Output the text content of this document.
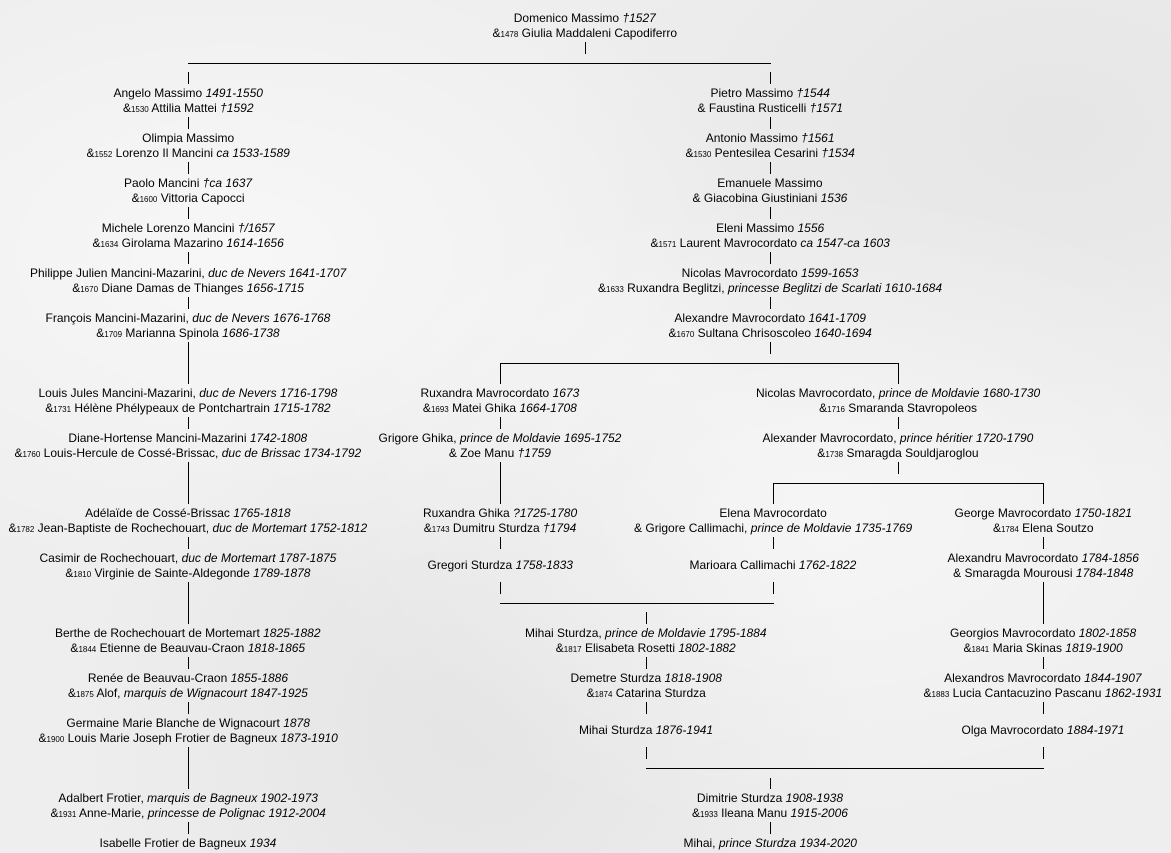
Domenico Massimo †1527
&1478 Giulia Maddaleni Capodiferro
Angelo Massimo 1491-1550
&1530 Attilia Mattei †1592
Olimpia Massimo
&1552 Lorenzo Il Mancini ca 1533-1589
Paolo Mancini †ca 1637
&1600 Vittoria Capocci
Michele Lorenzo Mancini †/1657
&1634 Girolama Mazarino 1614-1656
Philippe Julien Mancini-Mazarini, duc de Nevers 1641-1707
&1670 Diane Damas de Thianges 1656-1715
François Mancini-Mazarini, duc de Nevers 1676-1768
&1709 Marianna Spinola 1686-1738
Louis Jules Mancini-Mazarini, duc de Nevers 1716-1798
&1731 Hélène Phélypeaux de Pontchartrain 1715-1782
Diane-Hortense Mancini-Mazarini 1742-1808
&1760 Louis-Hercule de Cossé-Brissac, duc de Brissac 1734-1792
Adélaïde de Cossé-Brissac 1765-1818
&1782 Jean-Baptiste de Rochechouart, duc de Mortemart 1752-1812
Casimir de Rochechouart, duc de Mortemart 1787-1875
&1810 Virginie de Sainte-Aldegonde 1789-1878
Berthe de Rochechouart de Mortemart 1825-1882
&1844 Etienne de Beauvau-Craon 1818-1865
Renée de Beauvau-Craon 1855-1886
&1875 Alof, marquis de Wignacourt 1847-1925
Germaine Marie Blanche de Wignacourt 1878
&1900 Louis Marie Joseph Frotier de Bagneux 1873-1910
Adalbert Frotier, marquis de Bagneux 1902-1973
&1931 Anne-Marie, princesse de Polignac 1912-2004
Isabelle Frotier de Bagneux 1934
Pietro Massimo †1544
& Faustina Rusticelli †1571
Antonio Massimo †1561
&1530 Pentesilea Cesarini †1534
Emanuele Massimo
& Giacobina Giustiniani 1536
Eleni Massimo 1556
&1571 Laurent Mavrocordato ca 1547-ca 1603
Nicolas Mavrocordato 1599-1653
&1633 Ruxandra Beglitzi, princesse Beglitzi de Scarlati 1610-1684
Alexandre Mavrocordato 1641-1709
&1670 Sultana Chrisoscoleo 1640-1694
Ruxandra Mavrocordato 1673
&1693 Matei Ghika 1664-1708
Grigore Ghika, prince de Moldavie 1695-1752
& Zoe Manu †1759
Ruxandra Ghika ?1725-1780
&1743 Dumitru Sturdza †1794
Gregori Sturdza 1758-1833
Nicolas Mavrocordato, prince de Moldavie 1680-1730
&1716 Smaranda Stavropoleos
Alexander Mavrocordato, prince héritier 1720-1790
&1738 Smaragda Souldjaroglou
Elena Mavrocordato
& Grigore Callimachi, prince de Moldavie 1735-1769
Marioara Callimachi 1762-1822
George Mavrocordato 1750-1821
&1784 Elena Soutzo
Alexandru Mavrocordato 1784-1856
& Smaragda Mourousi 1784-1848
Mihai Sturdza, prince de Moldavie 1795-1884
&1817 Elisabeta Rosetti 1802-1882
Demetre Sturdza 1818-1908
&1874 Catarina Sturdza
Mihai Sturdza 1876-1941
Georgios Mavrocordato 1802-1858
&1841 Maria Skinas 1819-1900
Alexandros Mavrocordato 1844-1907
&1883 Lucia Cantacuzino Pascanu 1862-1931
Olga Mavrocordato 1884-1971
Dimitrie Sturdza 1908-1938
&1933 Ileana Manu 1915-2006
Mihai, prince Sturdza 1934-2020
